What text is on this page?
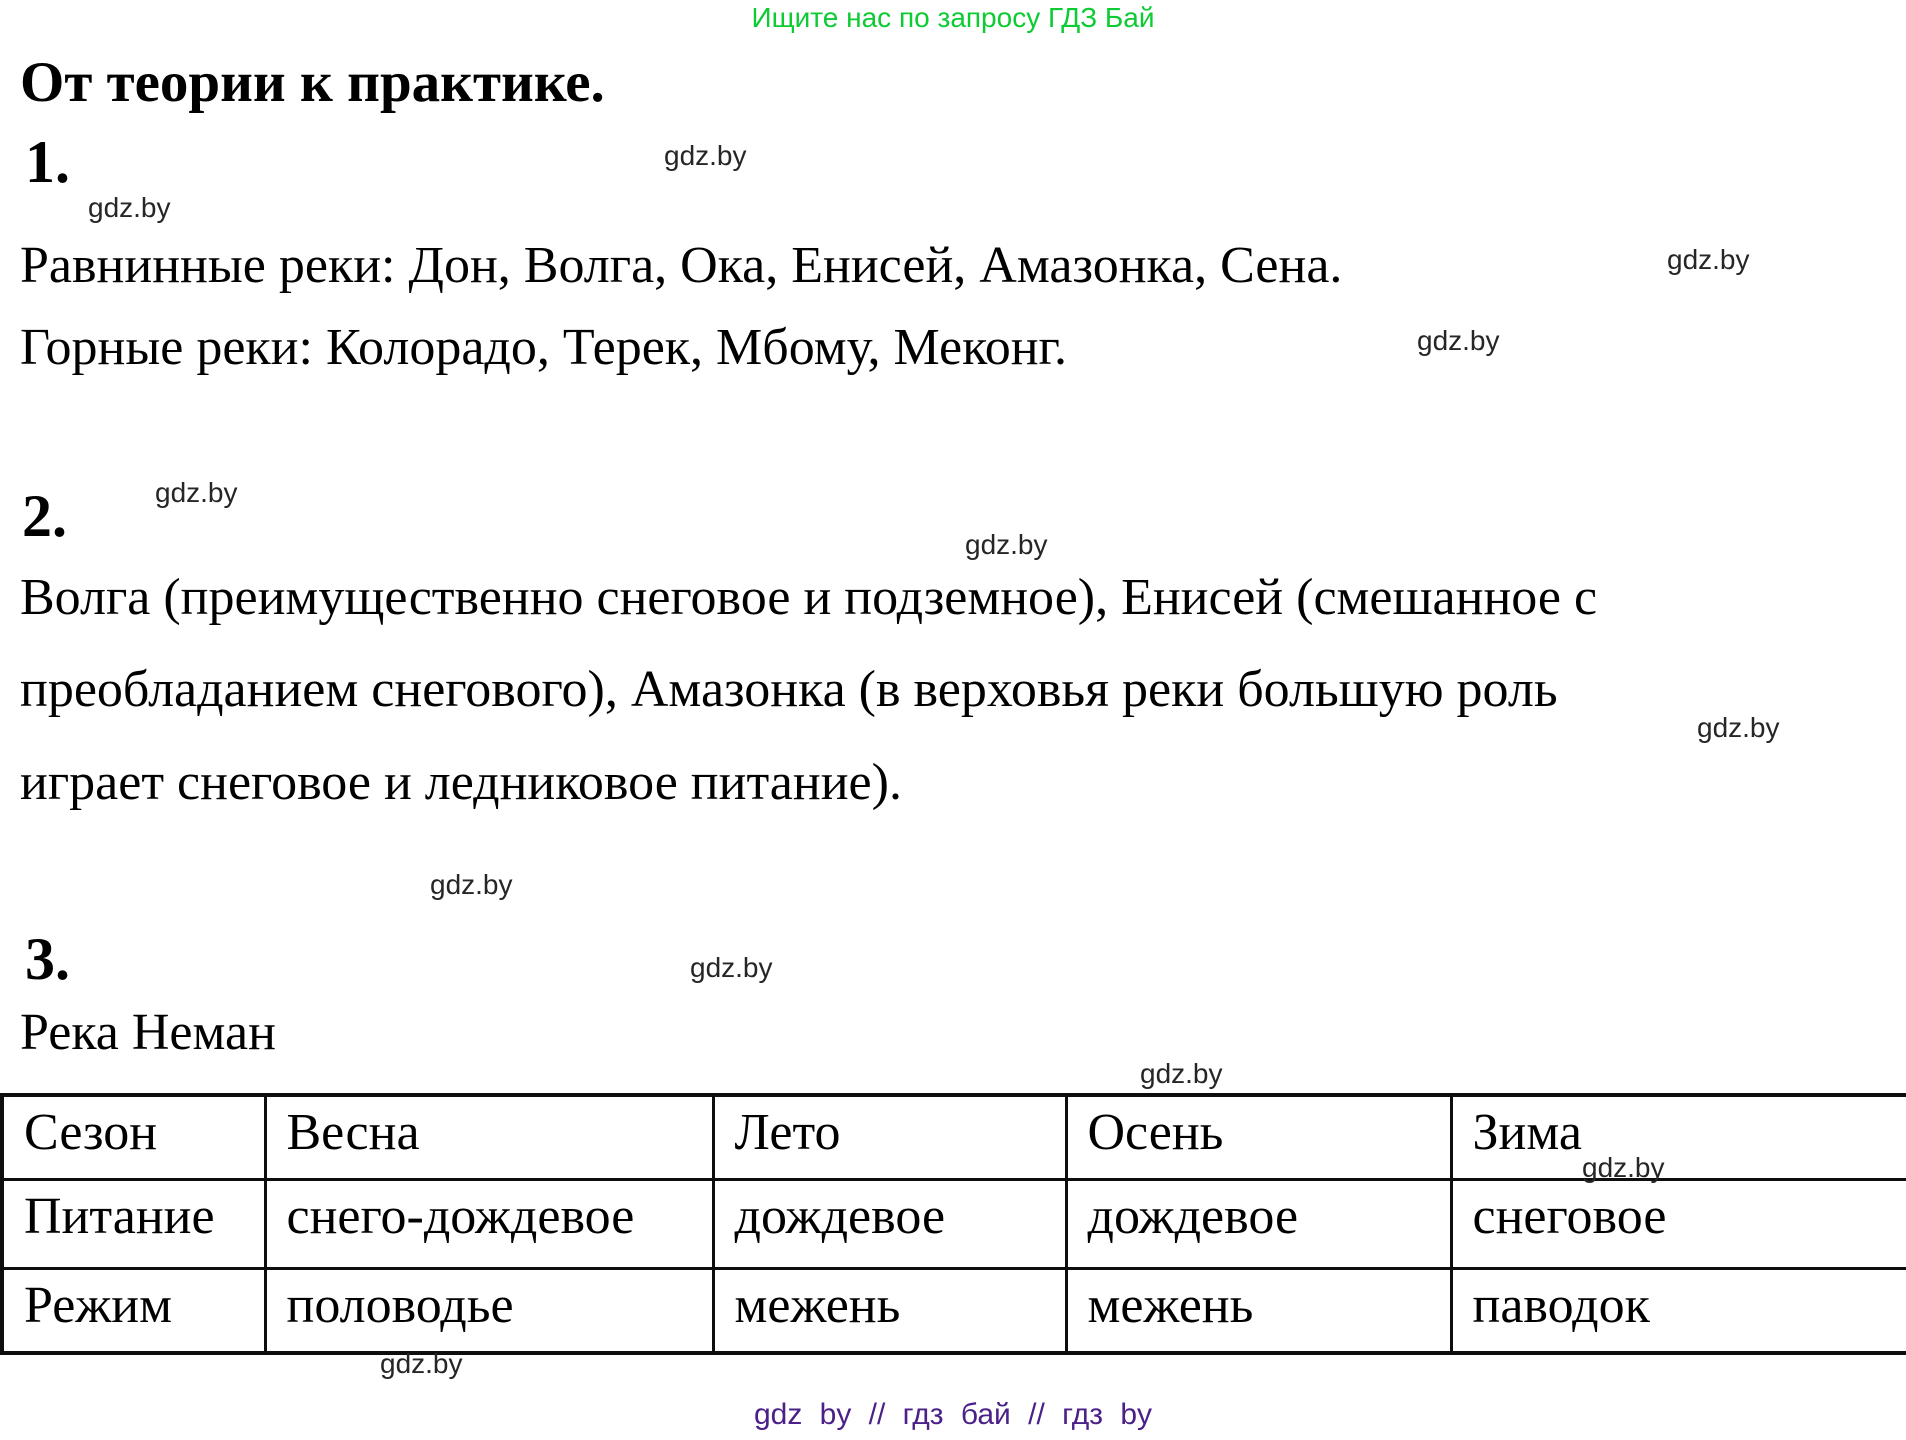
Ищите нас по запросу ГДЗ Бай
От теории к практике.
1.
Равнинные реки: Дон, Волга, Ока, Енисей, Амазонка, Сена.
Горные реки: Колорадо, Терек, Мбому, Меконг.
2.
Волга (преимущественно снеговое и подземное), Енисей (смешанное с
преобладанием снегового), Амазонка (в верховья реки большую роль
играет снеговое и ледниковое питание).
3.
Река Неман
Сезон	Весна	Лето	Осень	Зима
Питание	снего-дождевое	дождевое	дождевое	снеговое
Режим	половодье	межень	межень	паводок
gdz.by
gdz.by
gdz.by
gdz.by
gdz.by
gdz.by
gdz.by
gdz.by
gdz.by
gdz.by
gdz.by
gdz.by
gdz by // гдз бай // гдз by
